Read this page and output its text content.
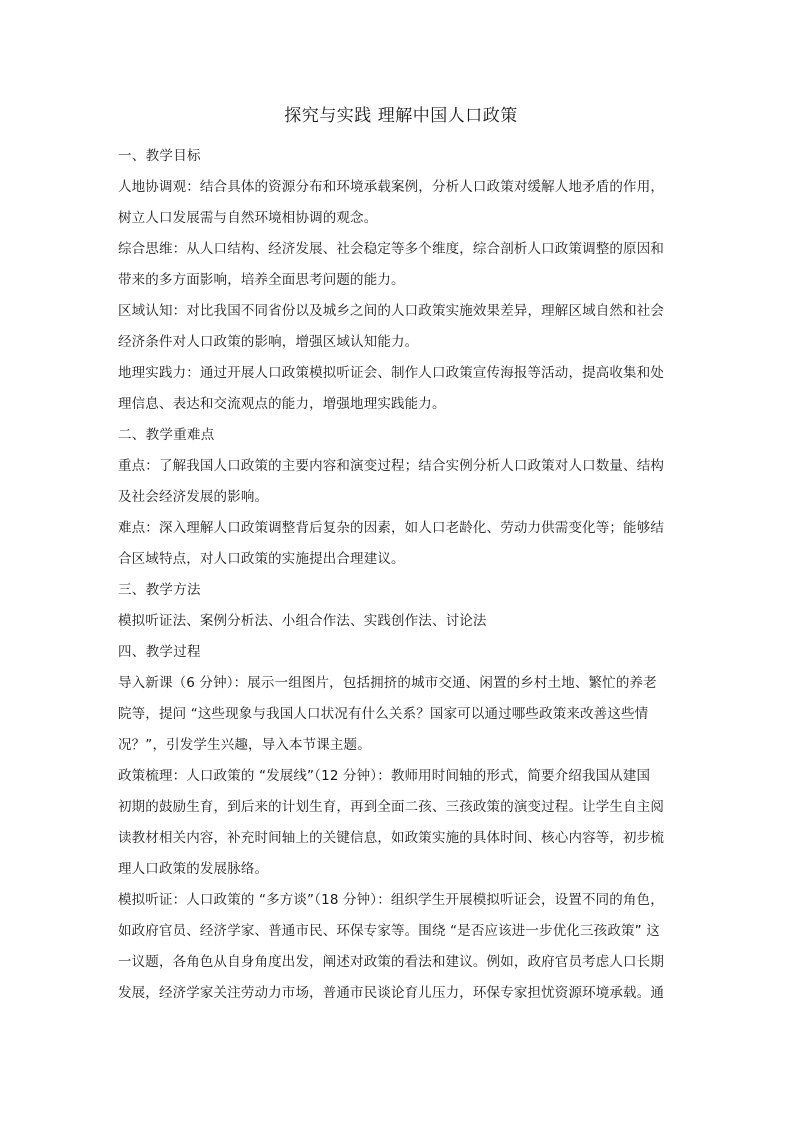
探究与实践 理解中国人口政策
一、教学目标
人地协调观：结合具体的资源分布和环境承载案例，分析人口政策对缓解人地矛盾的作用，
树立人口发展需与自然环境相协调的观念。
综合思维：从人口结构、经济发展、社会稳定等多个维度，综合剖析人口政策调整的原因和
带来的多方面影响，培养全面思考问题的能力。
区域认知：对比我国不同省份以及城乡之间的人口政策实施效果差异，理解区域自然和社会
经济条件对人口政策的影响，增强区域认知能力。
地理实践力：通过开展人口政策模拟听证会、制作人口政策宣传海报等活动，提高收集和处
理信息、表达和交流观点的能力，增强地理实践能力。
二、教学重难点
重点：了解我国人口政策的主要内容和演变过程；结合实例分析人口政策对人口数量、结构
及社会经济发展的影响。
难点：深入理解人口政策调整背后复杂的因素，如人口老龄化、劳动力供需变化等；能够结
合区域特点，对人口政策的实施提出合理建议。
三、教学方法
模拟听证法、案例分析法、小组合作法、实践创作法、讨论法
四、教学过程
导入新课（6 分钟）：展示一组图片，包括拥挤的城市交通、闲置的乡村土地、繁忙的养老
院等，提问 “这些现象与我国人口状况有什么关系？国家可以通过哪些政策来改善这些情
况？”，引发学生兴趣，导入本节课主题。
政策梳理：人口政策的 “发展线”（12 分钟）：教师用时间轴的形式，简要介绍我国从建国
初期的鼓励生育，到后来的计划生育，再到全面二孩、三孩政策的演变过程。让学生自主阅
读教材相关内容，补充时间轴上的关键信息，如政策实施的具体时间、核心内容等，初步梳
理人口政策的发展脉络。
模拟听证：人口政策的 “多方谈”（18 分钟）：组织学生开展模拟听证会，设置不同的角色，
如政府官员、经济学家、普通市民、环保专家等。围绕 “是否应该进一步优化三孩政策” 这
一议题，各角色从自身角度出发，阐述对政策的看法和建议。例如，政府官员考虑人口长期
发展，经济学家关注劳动力市场，普通市民谈论育儿压力，环保专家担忧资源环境承载。通
